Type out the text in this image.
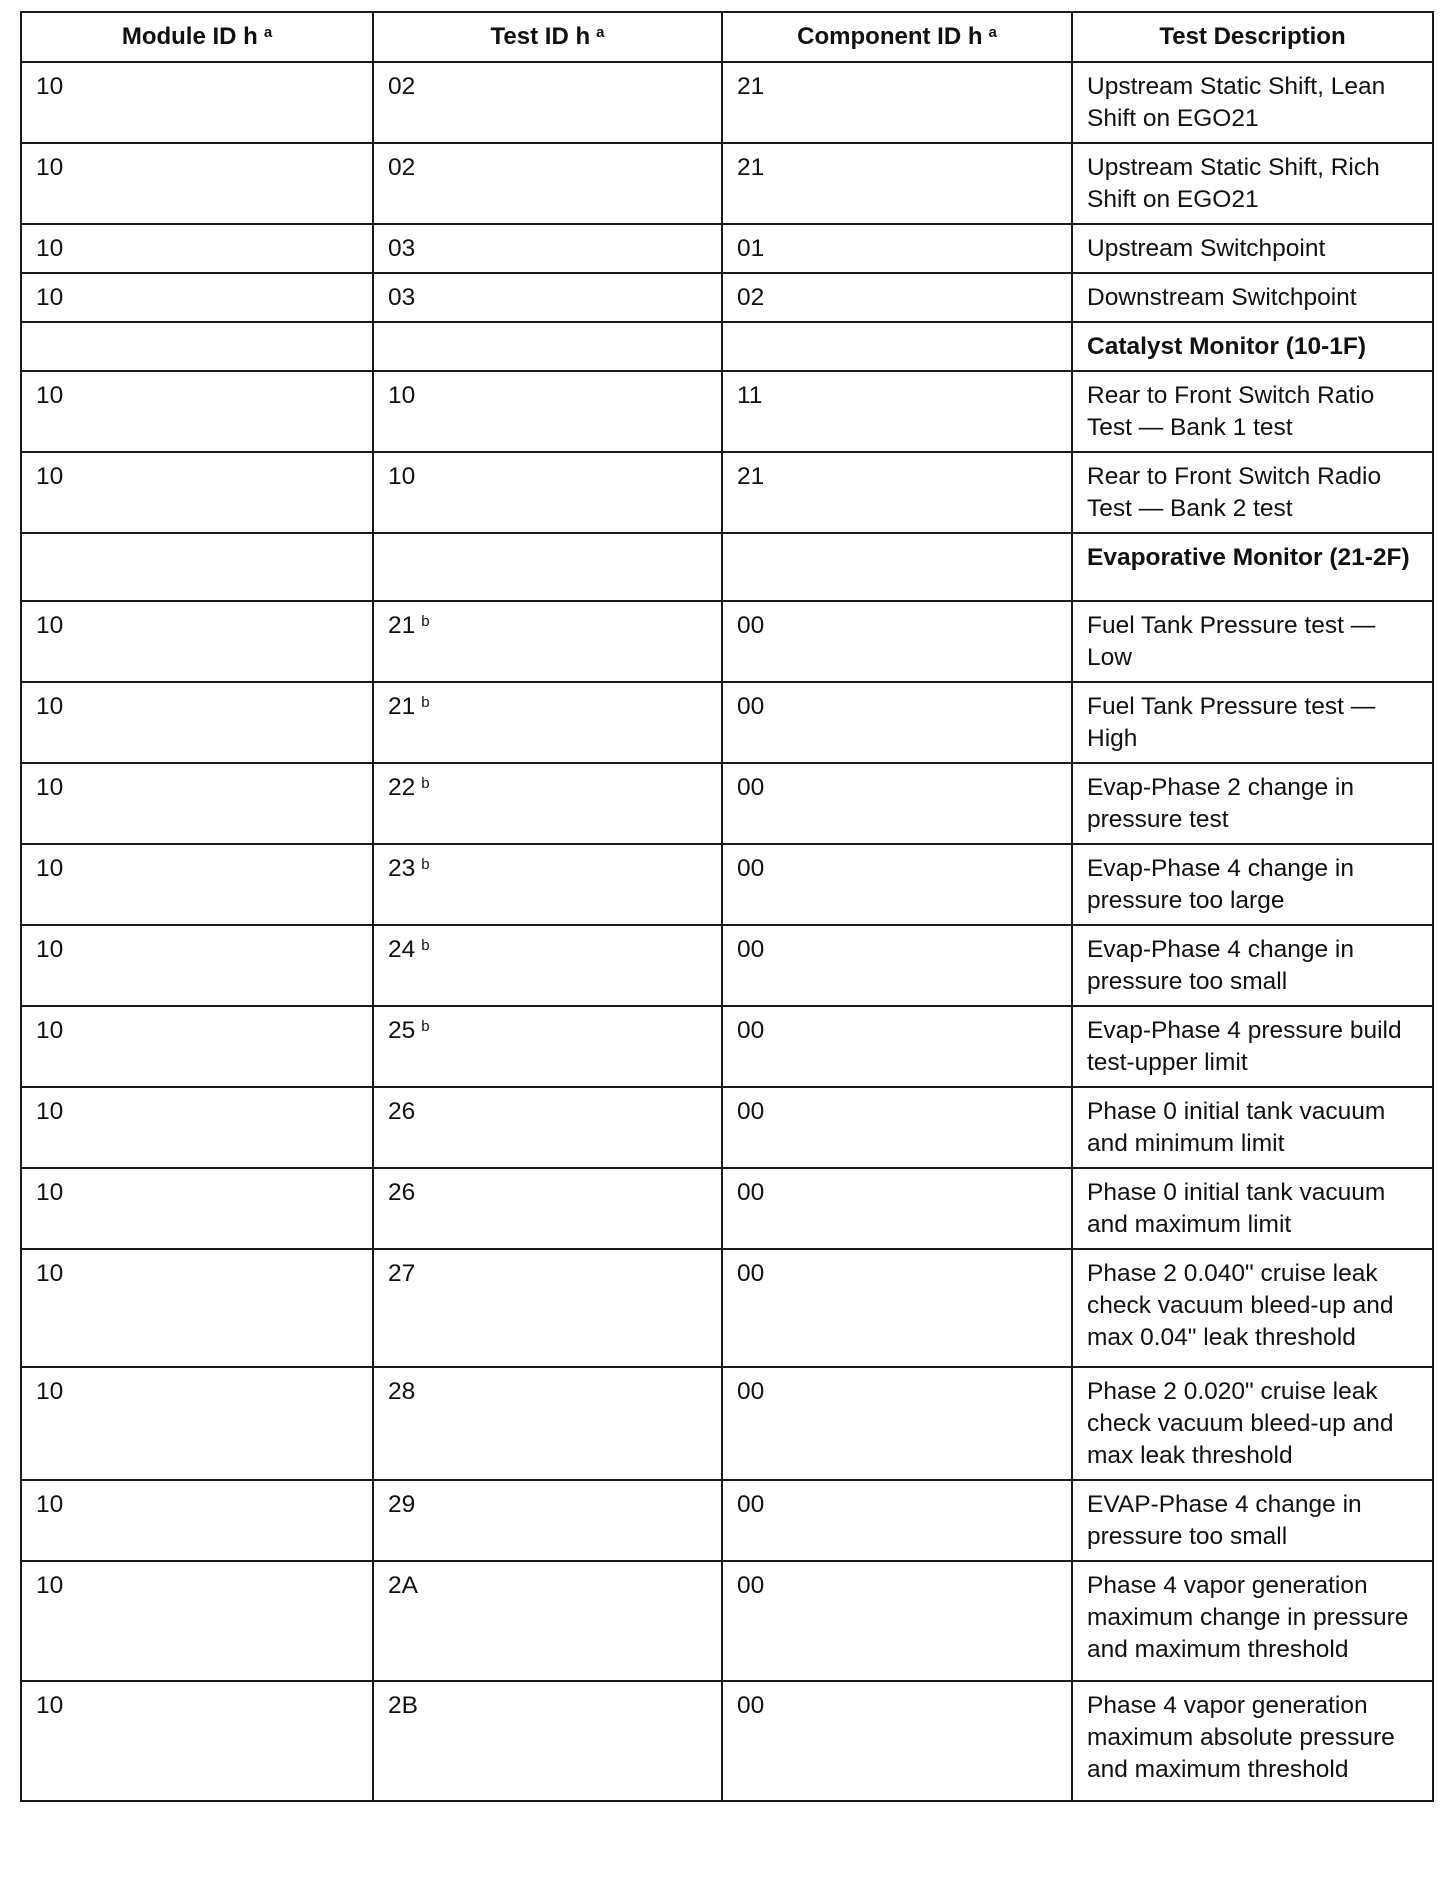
Module ID h $^a$	Test ID h $^a$	Component ID h $^a$	Test Description
10	02	21	Upstream Static Shift, Lean Shift on EGO21
10	02	21	Upstream Static Shift, Rich Shift on EGO21
10	03	01	Upstream Switchpoint
10	03	02	Downstream Switchpoint
			Catalyst Monitor (10-1F)
10	10	11	Rear to Front Switch Ratio Test — Bank 1 test
10	10	21	Rear to Front Switch Radio Test — Bank 2 test
			Evaporative Monitor (21-2F)
10	21 $^b$	00	Fuel Tank Pressure test — Low
10	21 $^b$	00	Fuel Tank Pressure test — High
10	22 $^b$	00	Evap-Phase 2 change in pressure test
10	23 $^b$	00	Evap-Phase 4 change in pressure too large
10	24 $^b$	00	Evap-Phase 4 change in pressure too small
10	25 $^b$	00	Evap-Phase 4 pressure build test-upper limit
10	26	00	Phase 0 initial tank vacuum and minimum limit
10	26	00	Phase 0 initial tank vacuum and maximum limit
10	27	00	Phase 2 0.040" cruise leak check vacuum bleed-up and max 0.04" leak threshold
10	28	00	Phase 2 0.020" cruise leak check vacuum bleed-up and max leak threshold
10	29	00	EVAP-Phase 4 change in pressure too small
10	2A	00	Phase 4 vapor generation maximum change in pressure and maximum threshold
10	2B	00	Phase 4 vapor generation maximum absolute pressure and maximum threshold
